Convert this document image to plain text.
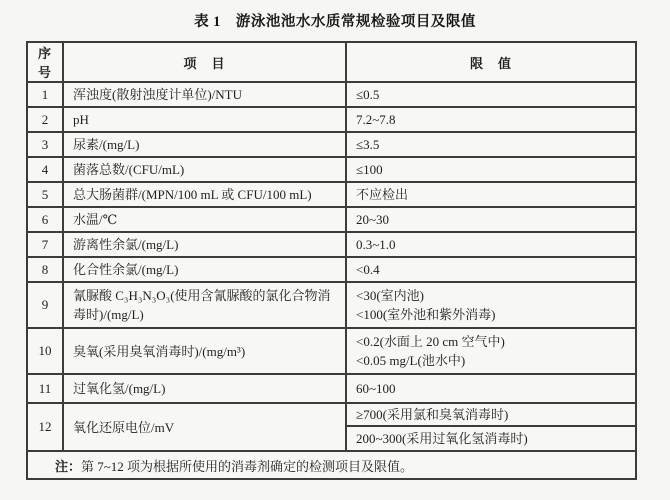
表 1　游泳池池水水质常规检验项目及限值
序号	项　目	限　值
1	浑浊度(散射浊度计单位)/NTU	≤0.5
2	pH	7.2~7.8
3	尿素/(mg/L)	≤3.5
4	菌落总数/(CFU/mL)	≤100
5	总大肠菌群/(MPN/100 mL 或 CFU/100 mL)	不应检出
6	水温/℃	20~30
7	游离性余氯/(mg/L)	0.3~1.0
8	化合性余氯/(mg/L)	<0.4
9	氰脲酸 C₃H₃N₃O₃(使用含氰脲酸的氯化合物消毒时)/(mg/L)	<30(室内池)
<100(室外池和紫外消毒)

10	臭氧(采用臭氧消毒时)/(mg/m³)	<0.2(水面上 20 cm 空气中)
<0.05 mg/L(池水中)

11	过氧化氢/(mg/L)	60~100
12	氧化还原电位/mV	≥700(采用氯和臭氧消毒时)
		200~300(采用过氧化氢消毒时)
注：第 7~12 项为根据所使用的消毒剂确定的检测项目及限值。		
